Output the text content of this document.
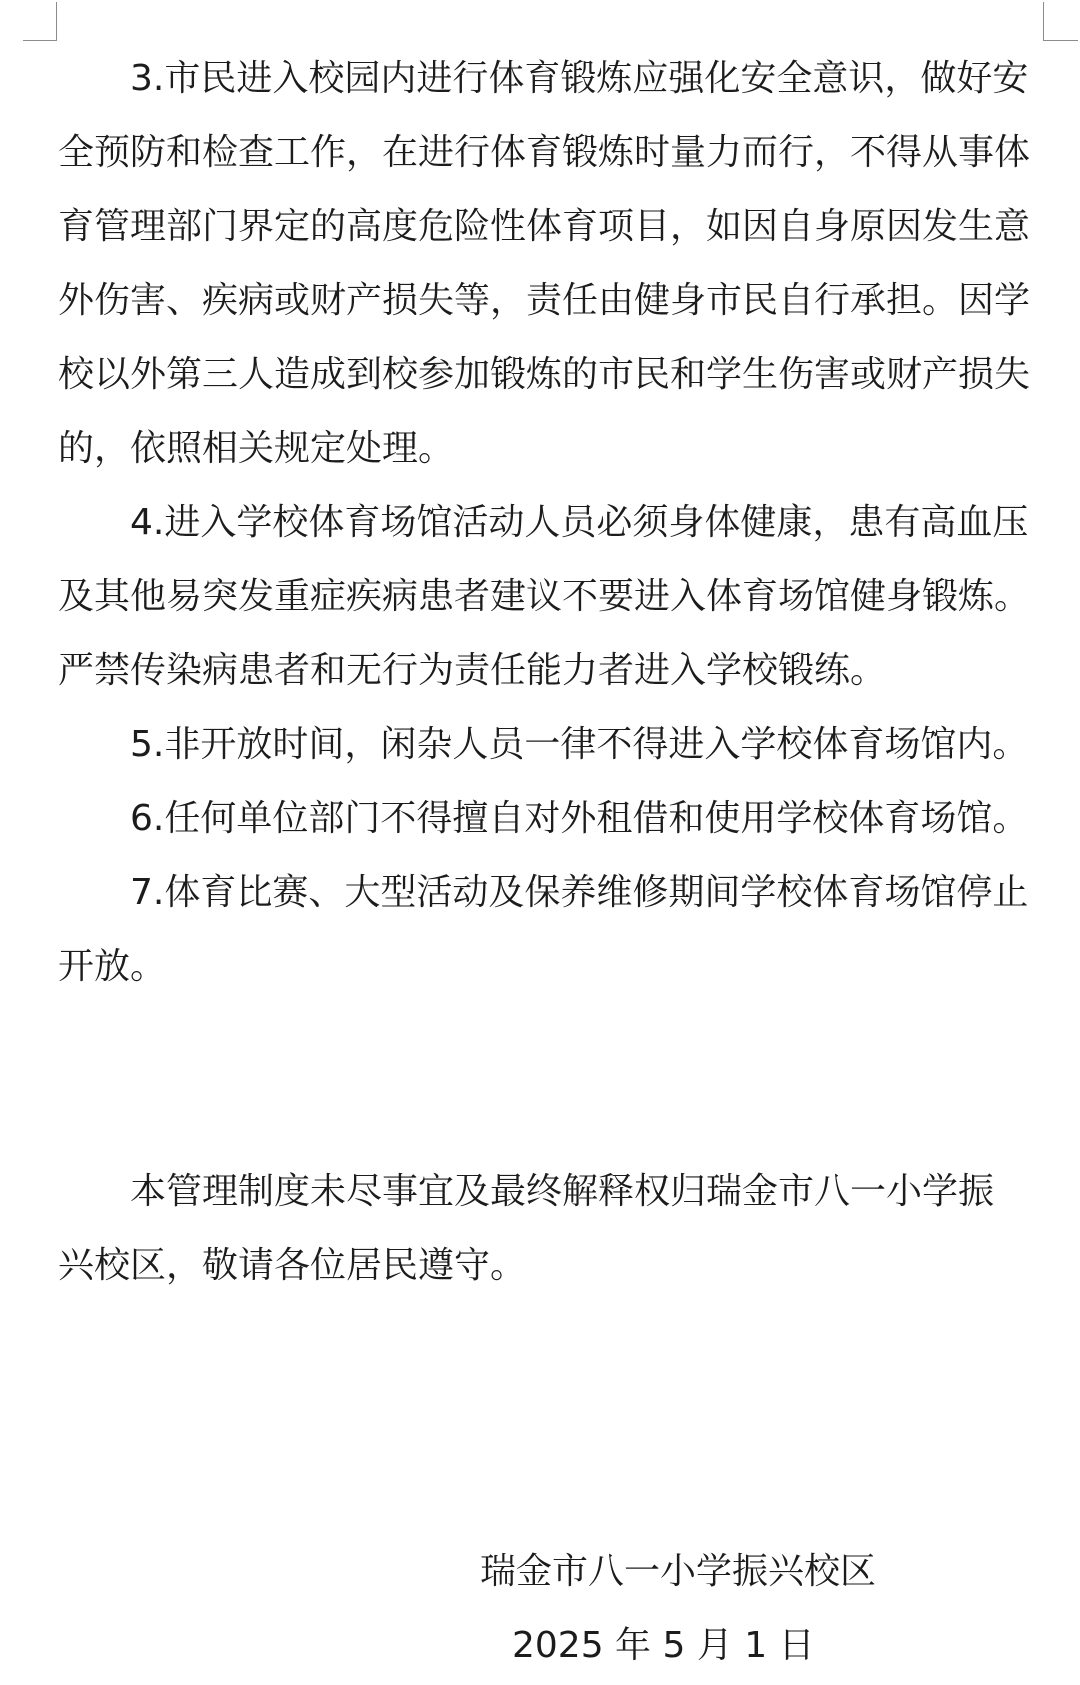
3.市民进入校园内进行体育锻炼应强化安全意识，做好安全预防和检查工作，在进行体育锻炼时量力而行，不得从事体育管理部门界定的高度危险性体育项目，如因自身原因发生意外伤害、疾病或财产损失等，责任由健身市民自行承担。因学校以外第三人造成到校参加锻炼的市民和学生伤害或财产损失的，依照相关规定处理。

4.进入学校体育场馆活动人员必须身体健康，患有高血压及其他易突发重症疾病患者建议不要进入体育场馆健身锻炼。严禁传染病患者和无行为责任能力者进入学校锻练。

5.非开放时间，闲杂人员一律不得进入学校体育场馆内。

6.任何单位部门不得擅自对外租借和使用学校体育场馆。

7.体育比赛、大型活动及保养维修期间学校体育场馆停止开放。

本管理制度未尽事宜及最终解释权归瑞金市八一小学振兴校区，敬请各位居民遵守。

瑞金市八一小学振兴校区

2025 年 5 月 1 日
